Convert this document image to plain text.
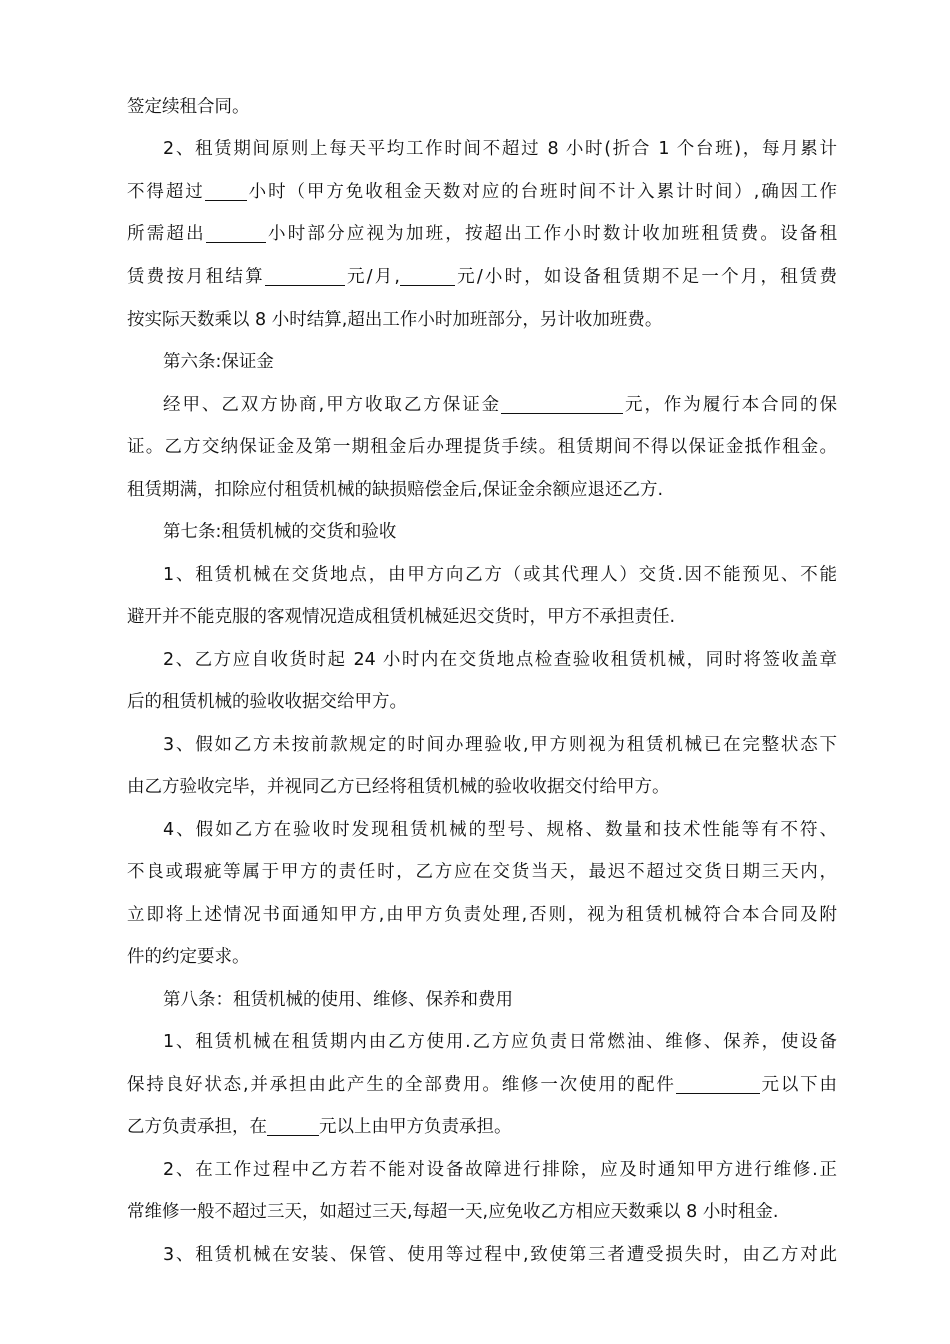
签定续租合同。
2、租赁期间原则上每天平均工作时间不超过 8 小时(折合 1 个台班)，每月累计
不得超过 小时（甲方免收租金天数对应的台班时间不计入累计时间）,确因工作
所需超出	小时部分应视为加班，按超出工作小时数计收加班租赁费。设备租
赁费按月租结算	元/月,	元/小时，如设备租赁期不足一个月，租赁费
按实际天数乘以 8 小时结算,超出工作小时加班部分，另计收加班费。
第六条:保证金
经甲、乙双方协商,甲方收取乙方保证金	元，作为履行本合同的保
证。乙方交纳保证金及第一期租金后办理提货手续。租赁期间不得以保证金抵作租金。
租赁期满，扣除应付租赁机械的缺损赔偿金后,保证金余额应退还乙方.
第七条:租赁机械的交货和验收
1、租赁机械在交货地点，由甲方向乙方（或其代理人）交货.因不能预见、不能
避开并不能克服的客观情况造成租赁机械延迟交货时，甲方不承担责任.
2、乙方应自收货时起 24 小时内在交货地点检查验收租赁机械，同时将签收盖章
后的租赁机械的验收收据交给甲方。
3、假如乙方未按前款规定的时间办理验收,甲方则视为租赁机械已在完整状态下
由乙方验收完毕，并视同乙方已经将租赁机械的验收收据交付给甲方。
4、假如乙方在验收时发现租赁机械的型号、规格、数量和技术性能等有不符、
不良或瑕疵等属于甲方的责任时，乙方应在交货当天，最迟不超过交货日期三天内，
立即将上述情况书面通知甲方,由甲方负责处理,否则，视为租赁机械符合本合同及附
件的约定要求。
第八条：租赁机械的使用、维修、保养和费用
1、租赁机械在租赁期内由乙方使用.乙方应负责日常燃油、维修、保养，使设备
保持良好状态,并承担由此产生的全部费用。维修一次使用的配件	元以下由
乙方负责承担，在	元以上由甲方负责承担。
2、在工作过程中乙方若不能对设备故障进行排除，应及时通知甲方进行维修.正
常维修一般不超过三天，如超过三天,每超一天,应免收乙方相应天数乘以 8 小时租金.
3、租赁机械在安装、保管、使用等过程中,致使第三者遭受损失时，由乙方对此
